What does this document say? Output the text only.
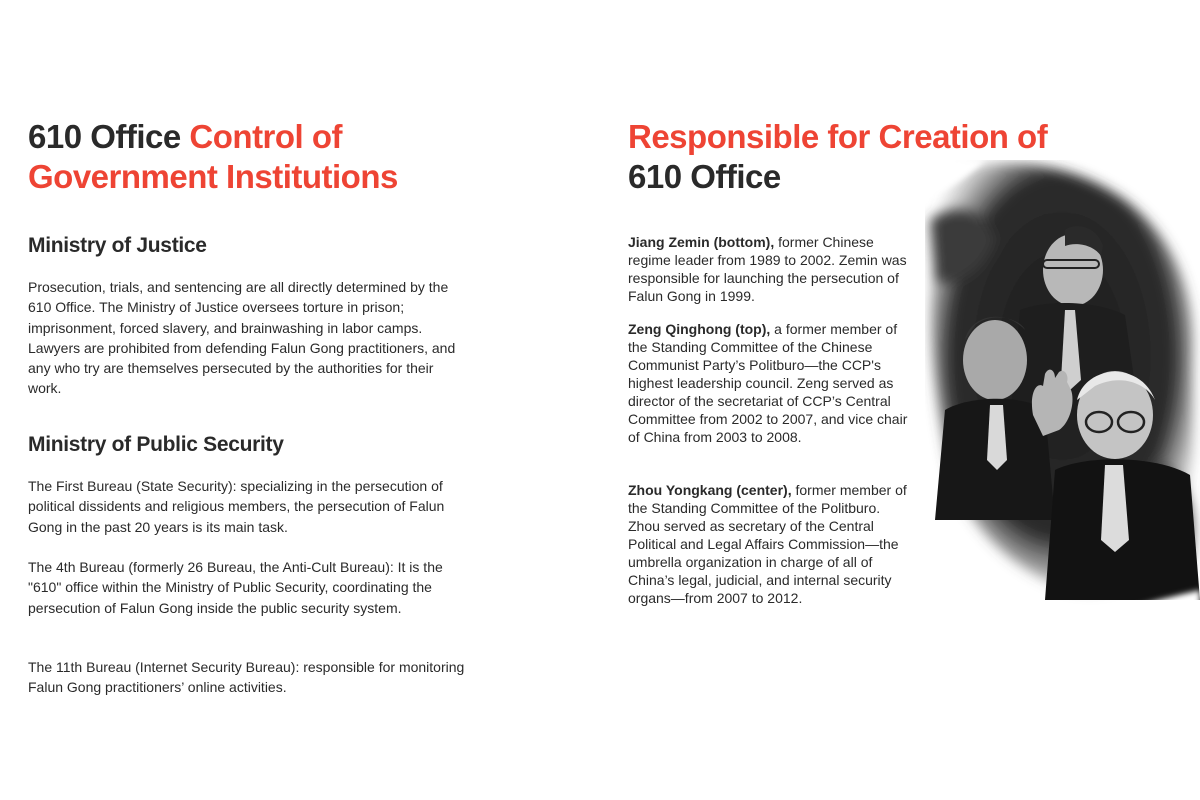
610 Office Control of Government Institutions
Ministry of Justice

Prosecution, trials, and sentencing are all directly determined by the 610 Office. The Ministry of Justice oversees torture in prison; imprisonment, forced slavery, and brainwashing in labor camps. Lawyers are prohibited from defending Falun Gong practitioners, and any who try are themselves persecuted by the authorities for their work.

Ministry of Public Security

The First Bureau (State Security): specializing in the persecution of political dissidents and religious members, the persecution of Falun Gong in the past 20 years is its main task.

The 4th Bureau (formerly 26 Bureau, the Anti-Cult Bureau): It is the "610" office within the Ministry of Public Security, coordinating the persecution of Falun Gong inside the public security system.

The 11th Bureau (Internet Security Bureau): responsible for monitoring Falun Gong practitioners’ online activities.

Responsible for Creation of 610 Office

Jiang Zemin (bottom), former Chinese regime leader from 1989 to 2002. Zemin was responsible for launching the persecution of Falun Gong in 1999.

Zeng Qinghong (top), a former member of the Standing Committee of the Chinese Communist Party’s Politburo—the CCP's highest leadership council. Zeng served as director of the secretariat of CCP’s Central Committee from 2002 to 2007, and vice chair of China from 2003 to 2008.

Zhou Yongkang (center), former member of the Standing Committee of the Politburo. Zhou served as secretary of the Central Political and Legal Affairs Commission—the umbrella organization in charge of all of China’s legal, judicial, and internal security organs—from 2007 to 2012.
